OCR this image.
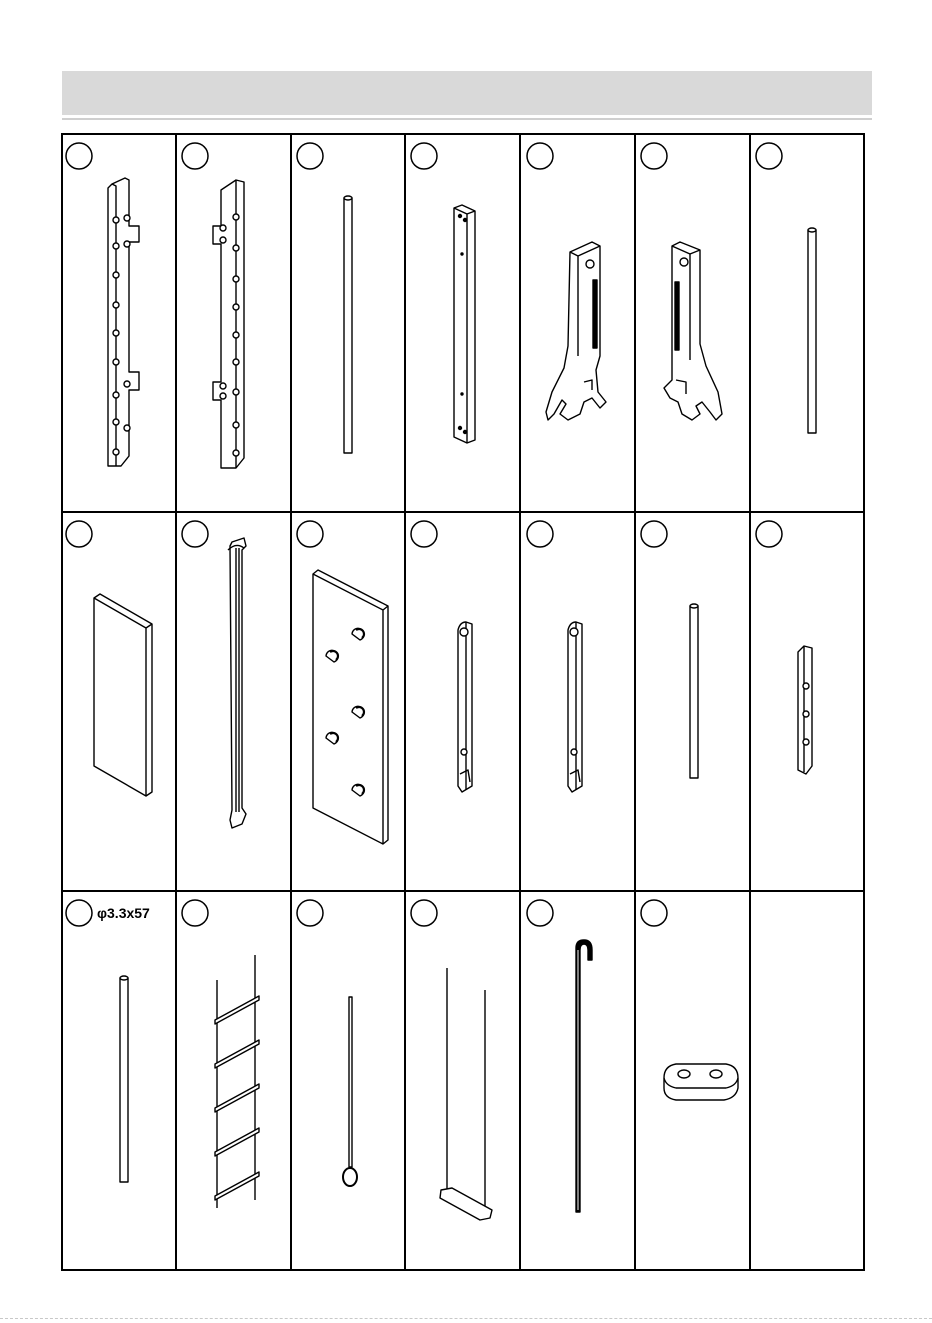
φ3.3x57
